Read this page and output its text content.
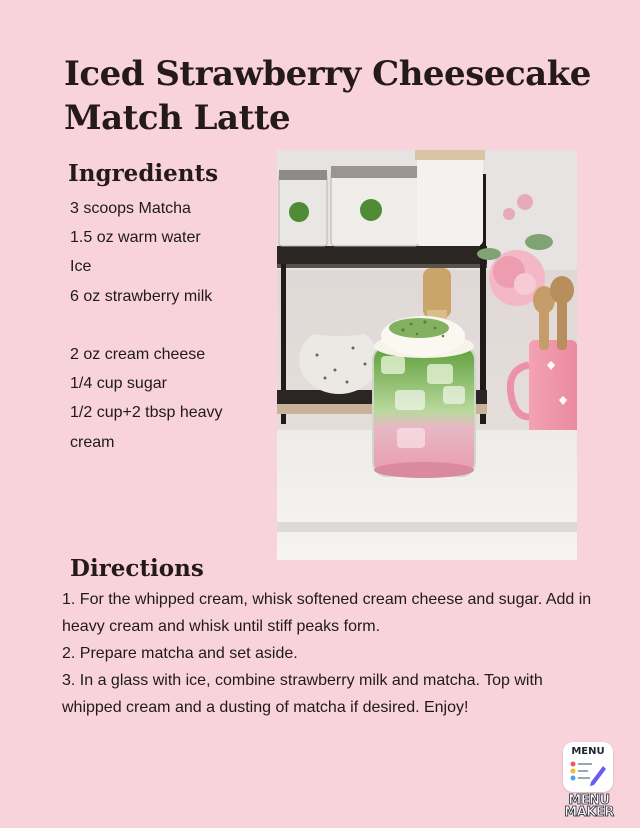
Iced Strawberry Cheesecake
Match Latte
Ingredients
3 scoops Matcha
1.5 oz warm water
Ice
6 oz strawberry milk
2 oz cream cheese
1/4 cup sugar
1/2 cup+2 tbsp heavy cream
Directions
1. For the whipped cream, whisk softened cream cheese and sugar. Add in heavy cream and whisk until stiff peaks form.
2. Prepare matcha and set aside.
3. In a glass with ice, combine strawberry milk and matcha. Top with whipped cream and a dusting of matcha if desired. Enjoy!
MENU
MENU
MAKER
